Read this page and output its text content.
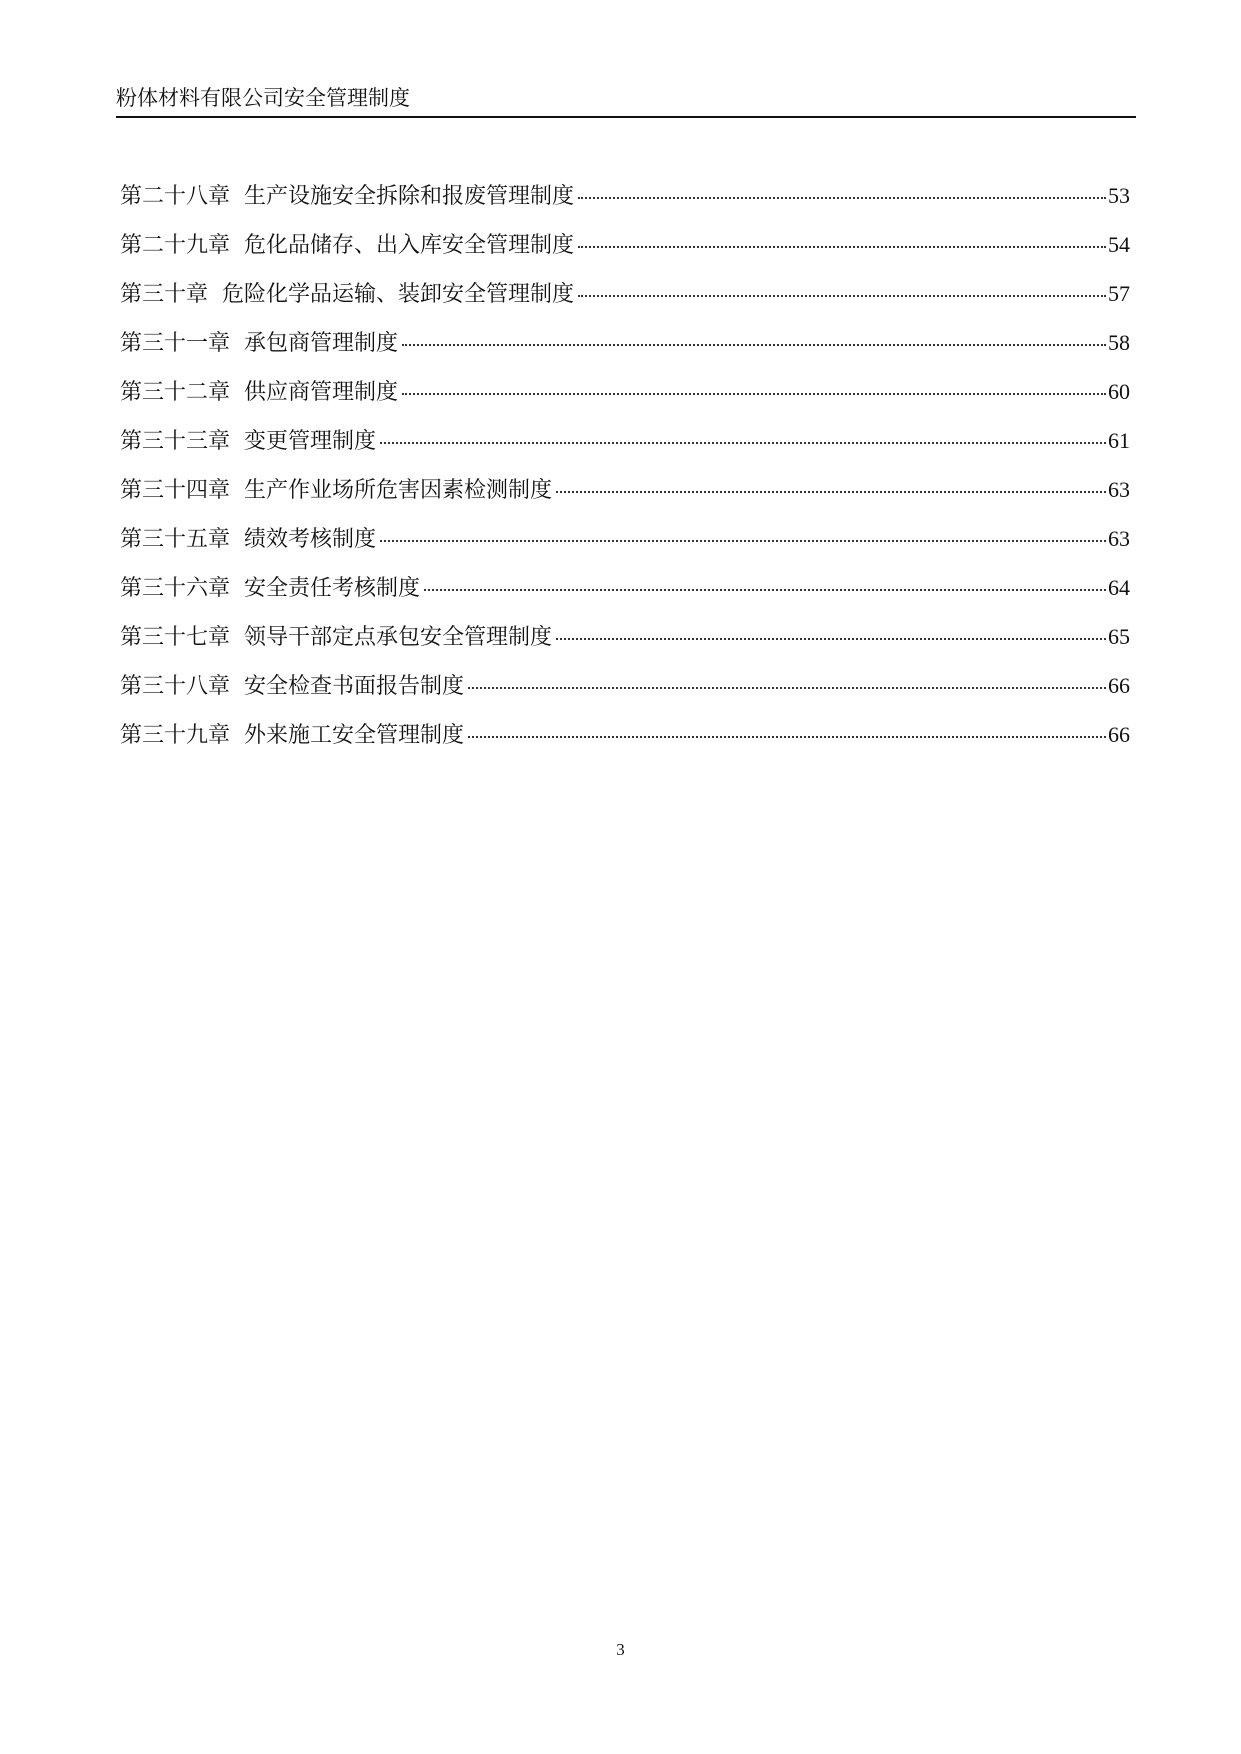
粉体材料有限公司安全管理制度
第二十八章 生产设施安全拆除和报废管理制度	53
第二十九章 危化品储存、出入库安全管理制度	54
第三十章 危险化学品运输、装卸安全管理制度	57
第三十一章 承包商管理制度	58
第三十二章 供应商管理制度	60
第三十三章 变更管理制度	61
第三十四章 生产作业场所危害因素检测制度	63
第三十五章 绩效考核制度	63
第三十六章 安全责任考核制度	64
第三十七章 领导干部定点承包安全管理制度	65
第三十八章 安全检查书面报告制度	66
第三十九章 外来施工安全管理制度	66
3
